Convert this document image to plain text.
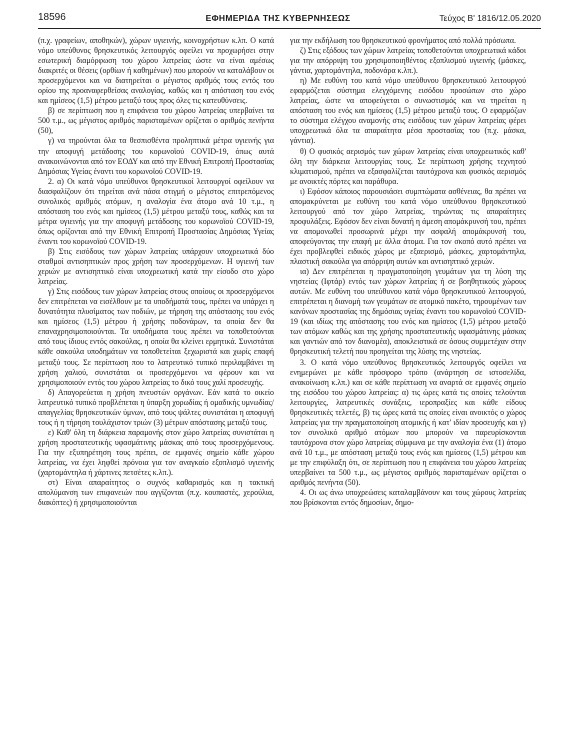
18596	ΕΦΗΜΕΡΙΔΑ ΤΗΣ ΚΥΒΕΡΝΗΣΕΩΣ	Τεύχος B' 1816/12.05.2020

(π.χ. γραφείων, αποθηκών), χώρων υγιεινής, κοινοχρήστων κ.λπ. Ο κατά νόμο υπεύθυνος θρησκευτικός λειτουργός οφείλει να προχωρήσει στην εσωτερική διαμόρφωση του χώρου λατρείας ώστε να είναι αμέσως διακριτές οι θέσεις (ορθίων ή καθημένων) που μπορούν να καταλάβουν οι προσερχόμενοι και να διατηρείται ο μέγιστος αριθμός τους εντός του ορίου της προαναφερθείσας αναλογίας, καθώς και η απόσταση του ενός και ημίσεος (1,5) μέτρου μεταξύ τους προς όλες τις κατευθύνσεις.

β) σε περίπτωση που η επιφάνεια του χώρου λατρείας υπερβαίνει τα 500 τ.μ., ως μέγιστος αριθμός παρισταμένων ορίζεται ο αριθμός πενήντα (50),

γ) να τηρούνται όλα τα θεσπισθέντα προληπτικά μέτρα υγιεινής για την αποφυγή μετάδοσης του κορωνοϊού COVID-19, όπως αυτά ανακοινώνονται από τον ΕΟΔΥ και από την Εθνική Επιτροπή Προστασίας Δημόσιας Υγείας έναντι του κορωνοϊού COVID-19.

2. α) Οι κατά νόμο υπεύθυνοι θρησκευτικοί λειτουργοί οφείλουν να διασφαλίζουν ότι τηρείται ανά πάσα στιγμή ο μέγιστος επιτρεπόμενος συνολικός αριθμός ατόμων, η αναλογία ένα άτομο ανά 10 τ.μ., η απόσταση του ενός και ημίσεος (1,5) μέτρου μεταξύ τους, καθώς και τα μέτρα υγιεινής για την αποφυγή μετάδοσης του κορωνοϊού COVID-19, όπως ορίζονται από την Εθνική Επιτροπή Προστασίας Δημόσιας Υγείας έναντι του κορωνοϊού COVID-19.

β) Στις εισόδους των χώρων λατρείας υπάρχουν υποχρεωτικά δύο σταθμοί αντισηπτικών προς χρήση των προσερχόμενων. Η υγιεινή των χεριών με αντισηπτικό είναι υποχρεωτική κατά την είσοδο στο χώρο λατρείας.

γ) Στις εισόδους των χώρων λατρείας στους οποίους οι προσερχόμενοι δεν επιτρέπεται να εισέλθουν με τα υποδήματά τους, πρέπει να υπάρχει η δυνατότητα πλυσίματος των ποδιών, με τήρηση της απόστασης του ενός και ημίσεος (1,5) μέτρου ή χρήσης ποδονάρων, τα οποία δεν θα επαναχρησιμοποιούνται. Τα υποδήματα τους πρέπει να τοποθετούνται από τους ίδιους εντός σακούλας, η οποία θα κλείνει ερμητικά. Συνιστάται κάθε σακούλα υποδημάτων να τοποθετείται ξεχωριστά και χωρίς επαφή μεταξύ τους. Σε περίπτωση που το λατρευτικό τυπικό περιλαμβάνει τη χρήση χαλιού, συνιστάται οι προσερχόμενοι να φέρουν και να χρησιμοποιούν εντός του χώρου λατρείας το δικό τους χαλί προσευχής.

δ) Απαγορεύεται η χρήση πνευστών οργάνων. Εάν κατά το οικείο λατρευτικό τυπικό προβλέπεται η ύπαρξη χορωδίας ή ομαδικής υμνωδίας/απαγγελίας θρησκευτικών ύμνων, από τους ψάλτες συνιστάται η αποφυγή τους ή η τήρηση τουλάχιστον τριών (3) μέτρων απόστασης μεταξύ τους.

ε) Καθ' όλη τη διάρκεια παραμονής στον χώρο λατρείας συνιστάται η χρήση προστατευτικής υφασμάτινης μάσκας από τους προσερχόμενους. Για την εξυπηρέτηση τους πρέπει, σε εμφανές σημείο κάθε χώρου λατρείας, να έχει ληφθεί πρόνοια για τον αναγκαίο εξοπλισμό υγιεινής (χαρτομάντηλα ή χάρτινες πετσέτες κ.λπ.).

στ) Είναι απαραίτητος ο συχνός καθαρισμός και η τακτική απολύμανση των επιφανειών που αγγίζονται (π.χ. κουπαστές, χερούλια, διακόπτες) ή χρησιμοποιούνται

για την εκδήλωση του θρησκευτικού φρονήματος από πολλά πρόσωπα.

ζ) Στις εξόδους των χώρων λατρείας τοποθετούνται υποχρεωτικά κάδοι για την απόρριψη του χρησιμοποιηθέντος εξοπλισμού υγιεινής (μάσκες, γάντια, χαρτομάντηλα, ποδονάρα κ.λπ.).

η) Με ευθύνη του κατά νόμο υπεύθυνου θρησκευτικού λειτουργού εφαρμόζεται σύστημα ελεγχόμενης εισόδου προσώπων στο χώρο λατρείας, ώστε να αποφεύγεται ο συνωστισμός και να τηρείται η απόσταση του ενός και ημίσεος (1,5) μέτρου μεταξύ τους. Ο εφαρμόζων το σύστημα ελέγχου αναμονής στις εισόδους των χώρων λατρείας φέρει υποχρεωτικά όλα τα απαραίτητα μέσα προστασίας του (π.χ. μάσκα, γάντια).

θ) Ο φυσικός αερισμός των χώρων λατρείας είναι υποχρεωτικός καθ' όλη την διάρκεια λειτουργίας τους. Σε περίπτωση χρήσης τεχνητού κλιματισμού, πρέπει να εξασφαλίζεται ταυτόχρονα και φυσικός αερισμός με ανοικτές πόρτες και παράθυρα.

ι) Εφόσον κάποιος παρουσιάσει συμπτώματα ασθένειας, θα πρέπει να απομακρύνεται με ευθύνη του κατά νόμο υπεύθυνου θρησκευτικού λειτουργού από τον χώρο λατρείας, τηρώντας τις απαραίτητες προφυλάξεις. Εφόσον δεν είναι δυνατή η άμεση απομάκρυνσή του, πρέπει να απομονωθεί προσωρινά μέχρι την ασφαλή απομάκρυνσή του, αποφεύγοντας την επαφή με άλλα άτομα. Για τον σκοπό αυτό πρέπει να έχει προβλεφθεί ειδικός χώρος με εξαερισμό, μάσκες, χαρτομάντηλα, πλαστική σακούλα για απόρριψη αυτών και αντισηπτικό χεριών.

ια) Δεν επιτρέπεται η πραγματοποίηση γευμάτων για τη λύση της νηστείας (Ιφτάρ) εντός των χώρων λατρείας ή σε βοηθητικούς χώρους αυτών. Με ευθύνη του υπεύθυνου κατά νόμο θρησκευτικού λειτουργού, επιτρέπεται η διανομή των γευμάτων σε ατομικό πακέτο, τηρουμένων των κανόνων προστασίας της δημόσιας υγείας έναντι του κορωνοϊού COVID-19 (και ιδίως της απόστασης του ενός και ημίσεος (1,5) μέτρου μεταξύ των ατόμων καθώς και της χρήσης προστατευτικής υφασμάτινης μάσκας και γαντιών από τον διανομέα), αποκλειστικά σε όσους συμμετέχαν στην θρησκευτική τελετή που προηγείται της λύσης της νηστείας.

3. Ο κατά νόμο υπεύθυνος θρησκευτικός λειτουργός οφείλει να ενημερώνει με κάθε πρόσφορο τρόπο (ανάρτηση σε ιστοσελίδα, ανακοίνωση κ.λπ.) και σε κάθε περίπτωση να αναρτά σε εμφανές σημείο της εισόδου του χώρου λατρείας: α) τις ώρες κατά τις οποίες τελούνται λειτουργίες, λατρευτικές συνάξεις, ιεροπραξίες και κάθε είδους θρησκευτικές τελετές, β) τις ώρες κατά τις οποίες είναι ανοικτός ο χώρος λατρείας για την πραγματοποίηση ατομικής ή κατ' ιδίαν προσευχής και γ) τον συνολικό αριθμό ατόμων που μπορούν να παρευρίσκονται ταυτόχρονα στον χώρο λατρείας σύμφωνα με την αναλογία ένα (1) άτομο ανά 10 τ.μ., με απόσταση μεταξύ τους ενός και ημίσεος (1,5) μέτρου και με την επιφύλαξη ότι, σε περίπτωση που η επιφάνεια του χώρου λατρείας υπερβαίνει τα 500 τ.μ., ως μέγιστος αριθμός παρισταμένων ορίζεται ο αριθμός πενήντα (50).

4. Οι ως άνω υποχρεώσεις καταλαμβάνουν και τους χώρους λατρείας που βρίσκονται εντός δημοσίων, δημο-
